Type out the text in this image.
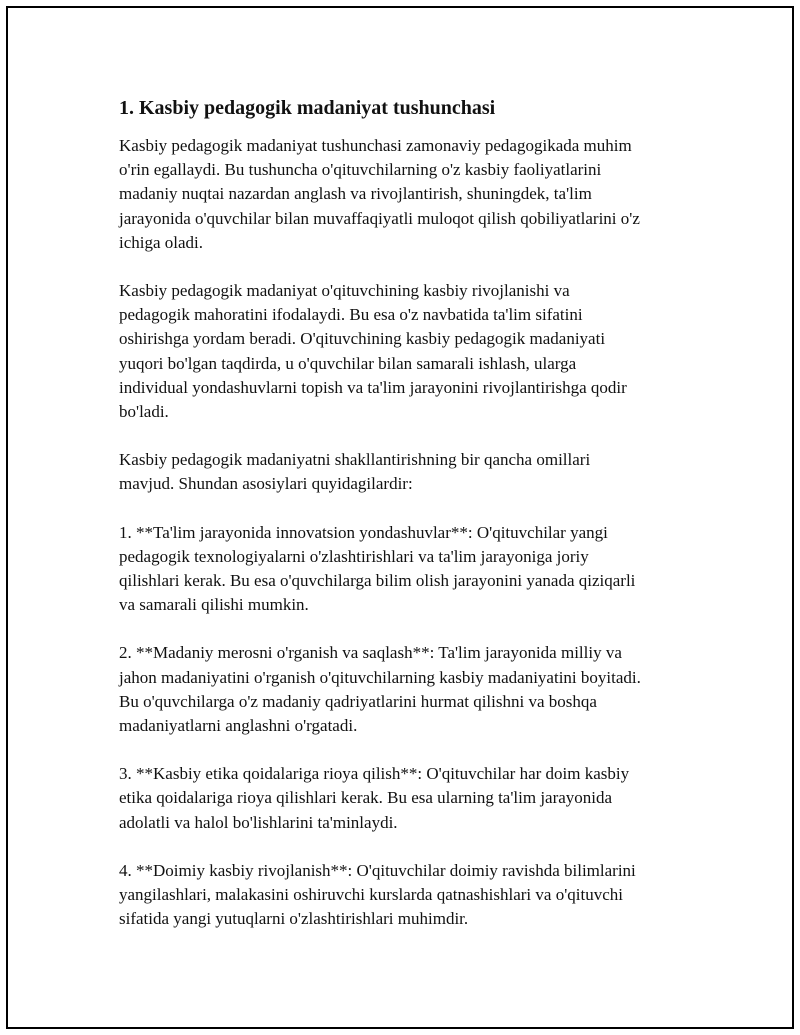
1. Kasbiy pedagogik madaniyat tushunchasi

Kasbiy pedagogik madaniyat tushunchasi zamonaviy pedagogikada muhim
o'rin egallaydi. Bu tushuncha o'qituvchilarning o'z kasbiy faoliyatlarini
madaniy nuqtai nazardan anglash va rivojlantirish, shuningdek, ta'lim
jarayonida o'quvchilar bilan muvaffaqiyatli muloqot qilish qobiliyatlarini o'z
ichiga oladi.

Kasbiy pedagogik madaniyat o'qituvchining kasbiy rivojlanishi va
pedagogik mahoratini ifodalaydi. Bu esa o'z navbatida ta'lim sifatini
oshirishga yordam beradi. O'qituvchining kasbiy pedagogik madaniyati
yuqori bo'lgan taqdirda, u o'quvchilar bilan samarali ishlash, ularga
individual yondashuvlarni topish va ta'lim jarayonini rivojlantirishga qodir
bo'ladi.

Kasbiy pedagogik madaniyatni shakllantirishning bir qancha omillari
mavjud. Shundan asosiylari quyidagilardir:

1. **Ta'lim jarayonida innovatsion yondashuvlar**: O'qituvchilar yangi
pedagogik texnologiyalarni o'zlashtirishlari va ta'lim jarayoniga joriy
qilishlari kerak. Bu esa o'quvchilarga bilim olish jarayonini yanada qiziqarli
va samarali qilishi mumkin.

2. **Madaniy merosni o'rganish va saqlash**: Ta'lim jarayonida milliy va
jahon madaniyatini o'rganish o'qituvchilarning kasbiy madaniyatini boyitadi.
Bu o'quvchilarga o'z madaniy qadriyatlarini hurmat qilishni va boshqa
madaniyatlarni anglashni o'rgatadi.

3. **Kasbiy etika qoidalariga rioya qilish**: O'qituvchilar har doim kasbiy
etika qoidalariga rioya qilishlari kerak. Bu esa ularning ta'lim jarayonida
adolatli va halol bo'lishlarini ta'minlaydi.

4. **Doimiy kasbiy rivojlanish**: O'qituvchilar doimiy ravishda bilimlarini
yangilashlari, malakasini oshiruvchi kurslarda qatnashishlari va o'qituvchi
sifatida yangi yutuqlarni o'zlashtirishlari muhimdir.
